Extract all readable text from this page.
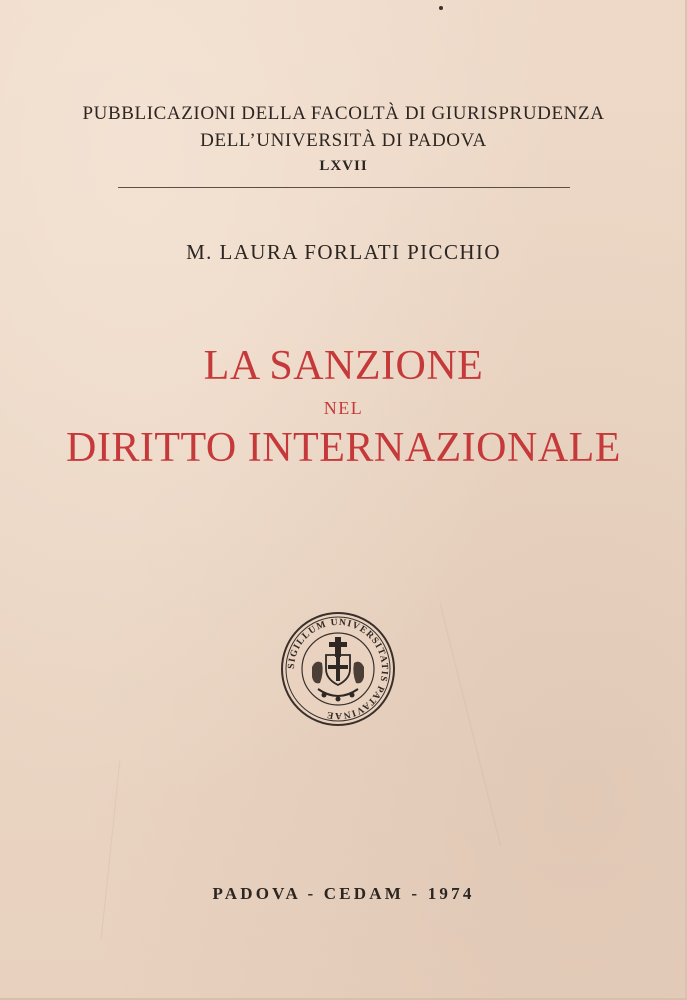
PUBBLICAZIONI DELLA FACOLTÀ DI GIURISPRUDENZA
DELL’UNIVERSITÀ DI PADOVA
LXVII
M. LAURA FORLATI PICCHIO
LA SANZIONE
NEL
DIRITTO INTERNAZIONALE
SIGILLUM UNIVERSITATIS PATAVINAE
PADOVA - CEDAM - 1974
